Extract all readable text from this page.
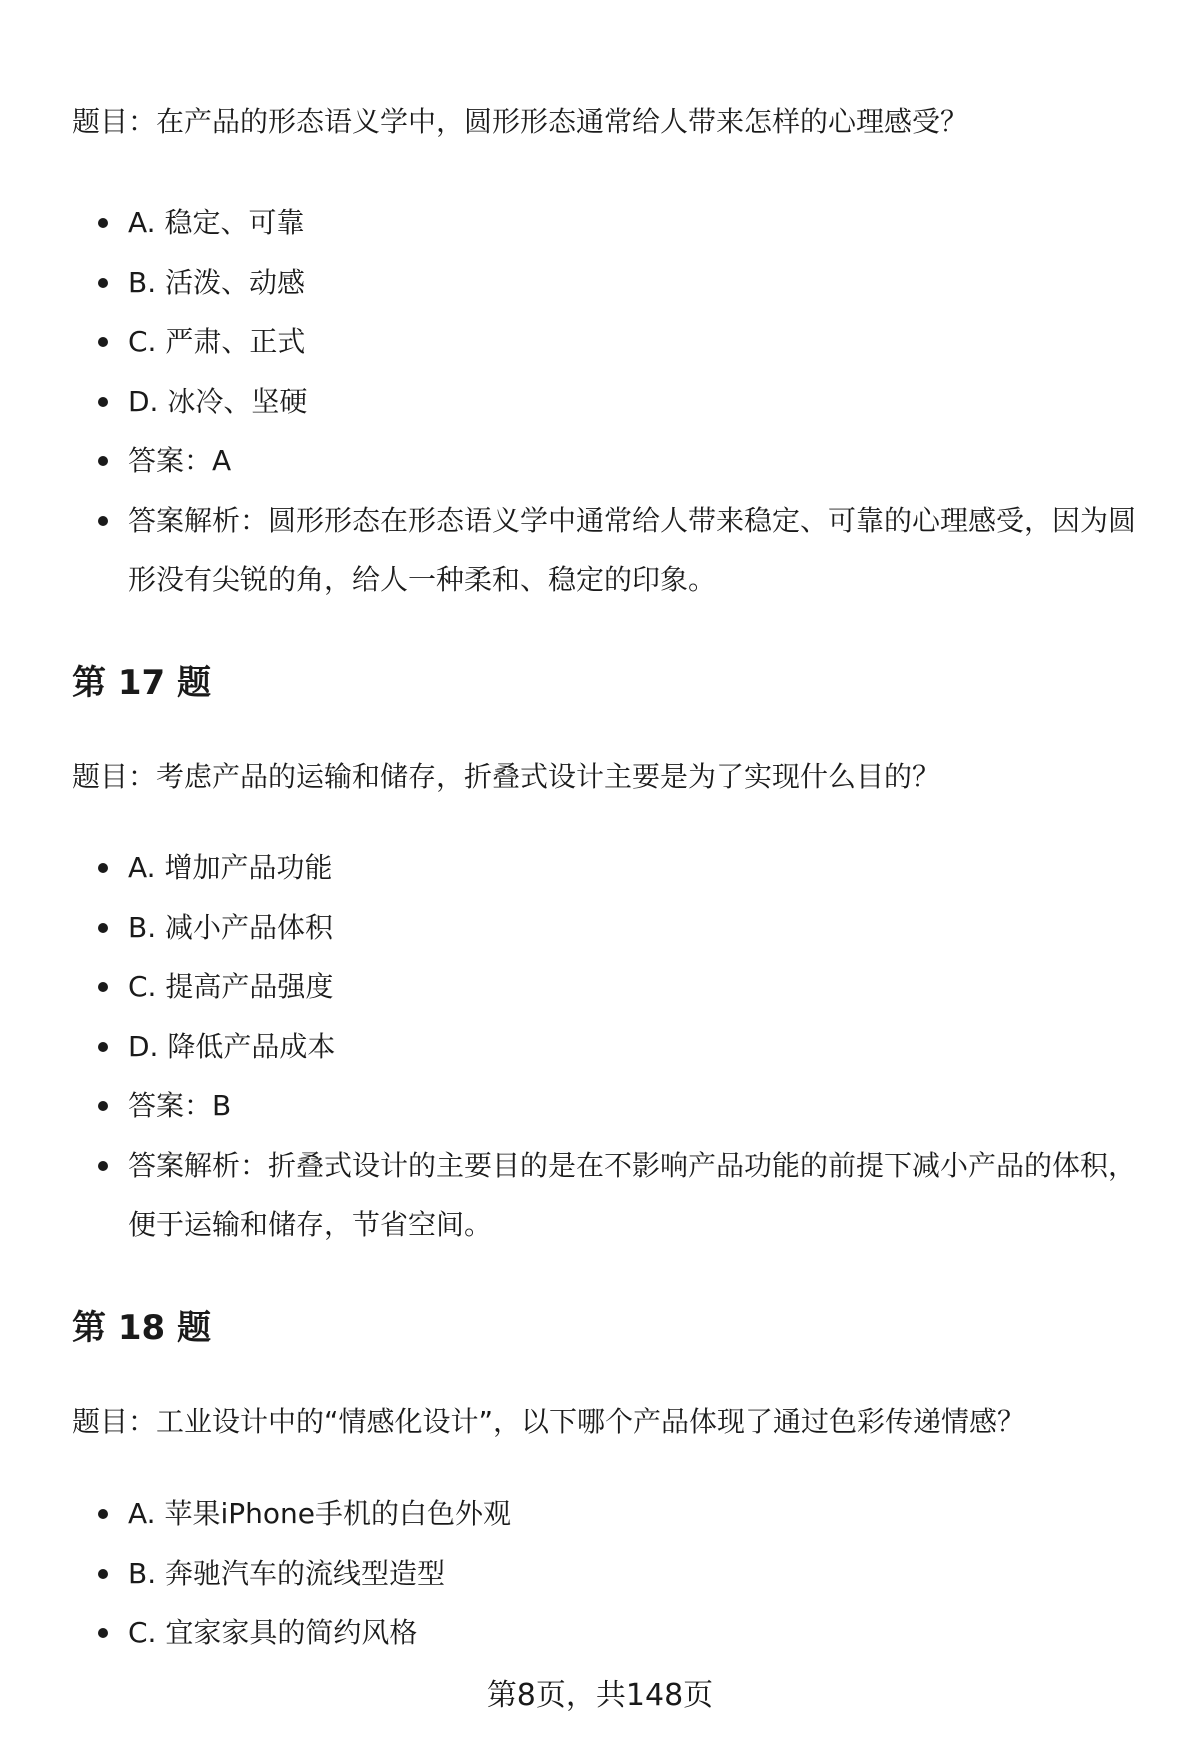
题目：在产品的形态语义学中，圆形形态通常给人带来怎样的心理感受？

A. 稳定、可靠
B. 活泼、动感
C. 严肃、正式
D. 冰冷、坚硬
答案：A
答案解析：圆形形态在形态语义学中通常给人带来稳定、可靠的心理感受，因为圆形没有尖锐的角，给人一种柔和、稳定的印象。
第 17 题

题目：考虑产品的运输和储存，折叠式设计主要是为了实现什么目的？

A. 增加产品功能
B. 减小产品体积
C. 提高产品强度
D. 降低产品成本
答案：B
答案解析：折叠式设计的主要目的是在不影响产品功能的前提下减小产品的体积，便于运输和储存，节省空间。
第 18 题

题目：工业设计中的“情感化设计”，以下哪个产品体现了通过色彩传递情感？

A. 苹果iPhone手机的白色外观
B. 奔驰汽车的流线型造型
C. 宜家家具的简约风格
第8页，共148页
